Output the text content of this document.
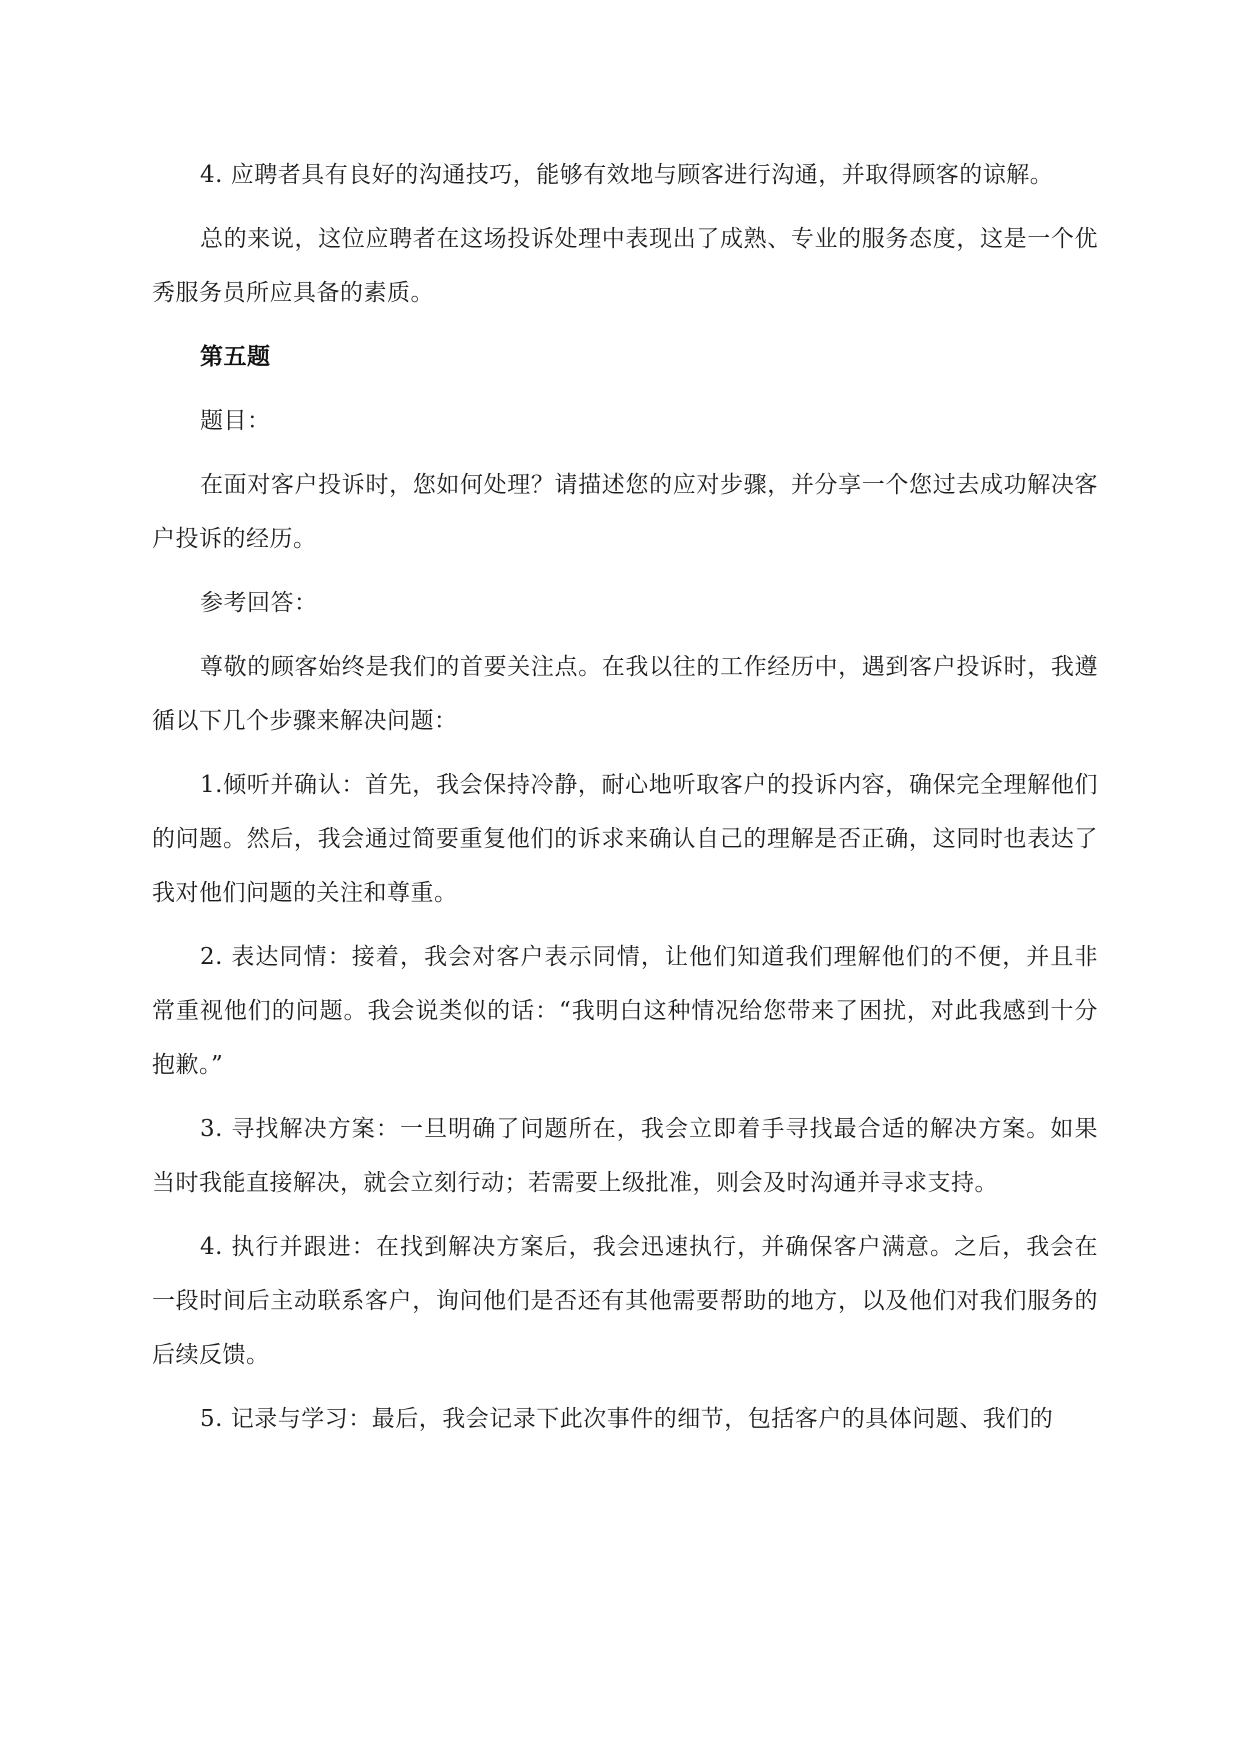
4. 应聘者具有良好的沟通技巧，能够有效地与顾客进行沟通，并取得顾客的谅解。

总的来说，这位应聘者在这场投诉处理中表现出了成熟、专业的服务态度，这是一个优秀服务员所应具备的素质。

第五题

题目：

在面对客户投诉时，您如何处理？请描述您的应对步骤，并分享一个您过去成功解决客户投诉的经历。

参考回答：

尊敬的顾客始终是我们的首要关注点。在我以往的工作经历中，遇到客户投诉时，我遵循以下几个步骤来解决问题：

1.倾听并确认：首先，我会保持冷静，耐心地听取客户的投诉内容，确保完全理解他们的问题。然后，我会通过简要重复他们的诉求来确认自己的理解是否正确，这同时也表达了我对他们问题的关注和尊重。

2. 表达同情：接着，我会对客户表示同情，让他们知道我们理解他们的不便，并且非常重视他们的问题。我会说类似的话：“我明白这种情况给您带来了困扰，对此我感到十分抱歉。”

3. 寻找解决方案：一旦明确了问题所在，我会立即着手寻找最合适的解决方案。如果当时我能直接解决，就会立刻行动；若需要上级批准，则会及时沟通并寻求支持。

4. 执行并跟进：在找到解决方案后，我会迅速执行，并确保客户满意。之后，我会在一段时间后主动联系客户，询问他们是否还有其他需要帮助的地方，以及他们对我们服务的后续反馈。

5. 记录与学习：最后，我会记录下此次事件的细节，包括客户的具体问题、我们的
